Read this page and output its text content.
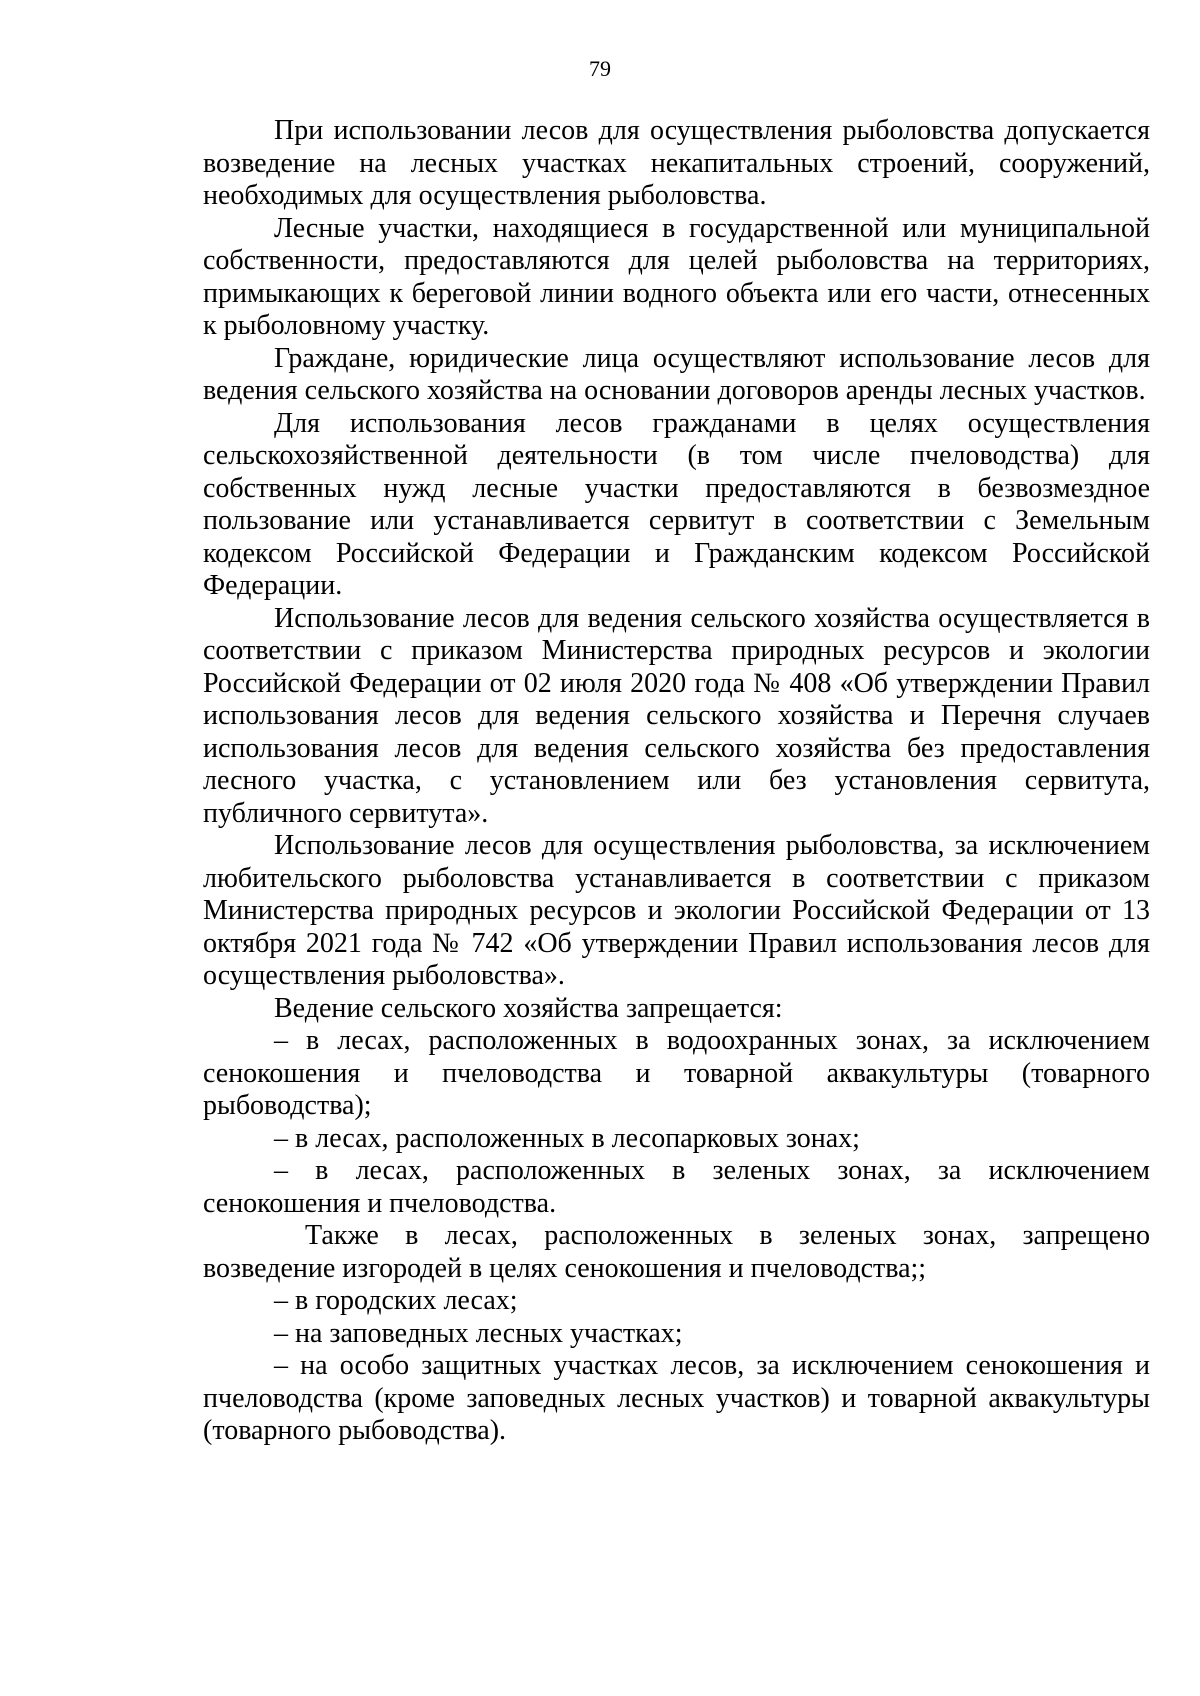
79

При использовании лесов для осуществления рыболовства допускается возведение на лесных участках некапитальных строений, сооружений, необходимых для осуществления рыболовства.

Лесные участки, находящиеся в государственной или муниципальной собственности, предоставляются для целей рыболовства на территориях, примыкающих к береговой линии водного объекта или его части, отнесенных к рыболовному участку.

Граждане, юридические лица осуществляют использование лесов для ведения сельского хозяйства на основании договоров аренды лесных участков.

Для использования лесов гражданами в целях осуществления сельскохозяйственной деятельности (в том числе пчеловодства) для собственных нужд лесные участки предоставляются в безвозмездное пользование или устанавливается сервитут в соответствии с Земельным кодексом Российской Федерации и Гражданским кодексом Российской Федерации.

Использование лесов для ведения сельского хозяйства осуществляется в соответствии с приказом Министерства природных ресурсов и экологии Российской Федерации от 02 июля 2020 года № 408 «Об утверждении Правил использования лесов для ведения сельского хозяйства и Перечня случаев использования лесов для ведения сельского хозяйства без предоставления лесного участка, с установлением или без установления сервитута, публичного сервитута».

Использование лесов для осуществления рыболовства, за исключением любительского рыболовства устанавливается в соответствии с приказом Министерства природных ресурсов и экологии Российской Федерации от 13 октября 2021 года № 742 «Об утверждении Правил использования лесов для осуществления рыболовства».

Ведение сельского хозяйства запрещается:

– в лесах, расположенных в водоохранных зонах, за исключением сенокошения и пчеловодства и товарной аквакультуры (товарного рыбоводства);

– в лесах, расположенных в лесопарковых зонах;

– в лесах, расположенных в зеленых зонах, за исключением сенокошения и пчеловодства.

Также в лесах, расположенных в зеленых зонах, запрещено возведение изгородей в целях сенокошения и пчеловодства;;

– в городских лесах;

– на заповедных лесных участках;

– на особо защитных участках лесов, за исключением сенокошения и пчеловодства (кроме заповедных лесных участков) и товарной аквакультуры (товарного рыбоводства).
